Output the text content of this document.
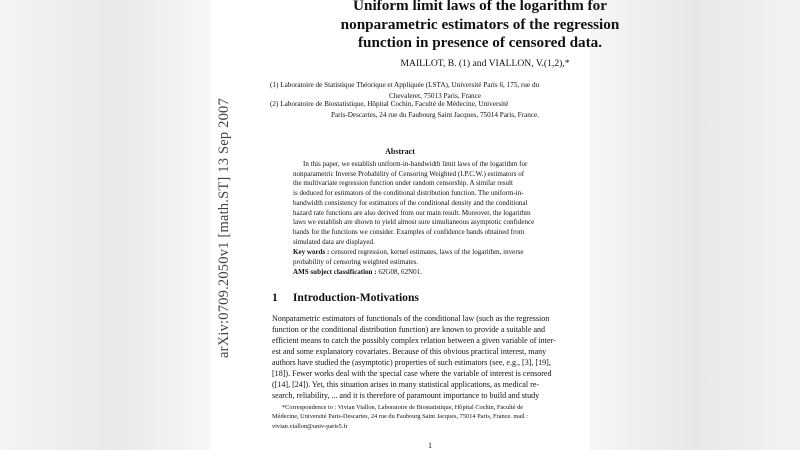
Uniform limit laws of the logarithm for
nonparametric estimators of the regression
function in presence of censored data.
MAILLOT, B. (1) and VIALLON, V.(1,2),*
(1) Laboratoire de Statistique Théorique et Appliquée (LSTA), Université Paris 6, 175, rue du
Chevaleret, 75013 Paris, France
(2) Laboratoire de Biostatistique, Hôpital Cochin, Faculté de Médecine, Université
Paris-Descartes, 24 rue du Faubourg Saint Jacques, 75014 Paris, France.
Abstract
In this paper, we establish uniform-in-bandwidth limit laws of the logarithm for
nonparametric Inverse Probability of Censoring Weighted (I.P.C.W.) estimators of
the multivariate regression function under random censorship. A similar result
is deduced for estimators of the conditional distribution function. The uniform-in-
bandwidth consistency for estimators of the conditional density and the conditional
hazard rate functions are also derived from our main result. Moreover, the logarithm
laws we establish are shown to yield almost sure simultaneous asymptotic confidence
bands for the functions we consider. Examples of confidence bands obtained from
simulated data are displayed.
Key words : censored regression, kernel estimates, laws of the logarithm, inverse
probability of censoring weighted estimates.
AMS subject classification : 62G08, 62N01.
1 Introduction-Motivations
Nonparametric estimators of functionals of the conditional law (such as the regression
function or the conditional distribution function) are known to provide a suitable and
efficient means to catch the possibly complex relation between a given variable of inter-
est and some explanatory covariates. Because of this obvious practical interest, many
authors have studied the (asymptotic) properties of such estimators (see, e.g., [3], [19],
[18]). Fewer works deal with the special case where the variable of interest is censored
([14], [24]). Yet, this situation arises in many statistical applications, as medical re-
search, reliability, ... and it is therefore of paramount importance to build and study
*Correspondence to : Vivian Viallon, Laboratoire de Biostatistique, Hôpital Cochin, Faculté de
Médecine, Université Paris-Descartes, 24 rue du Faubourg Saint Jacques, 75014 Paris, France. mail :
vivian.viallon@univ-paris5.fr
1
arXiv:0709.2050v1 [math.ST] 13 Sep 2007
